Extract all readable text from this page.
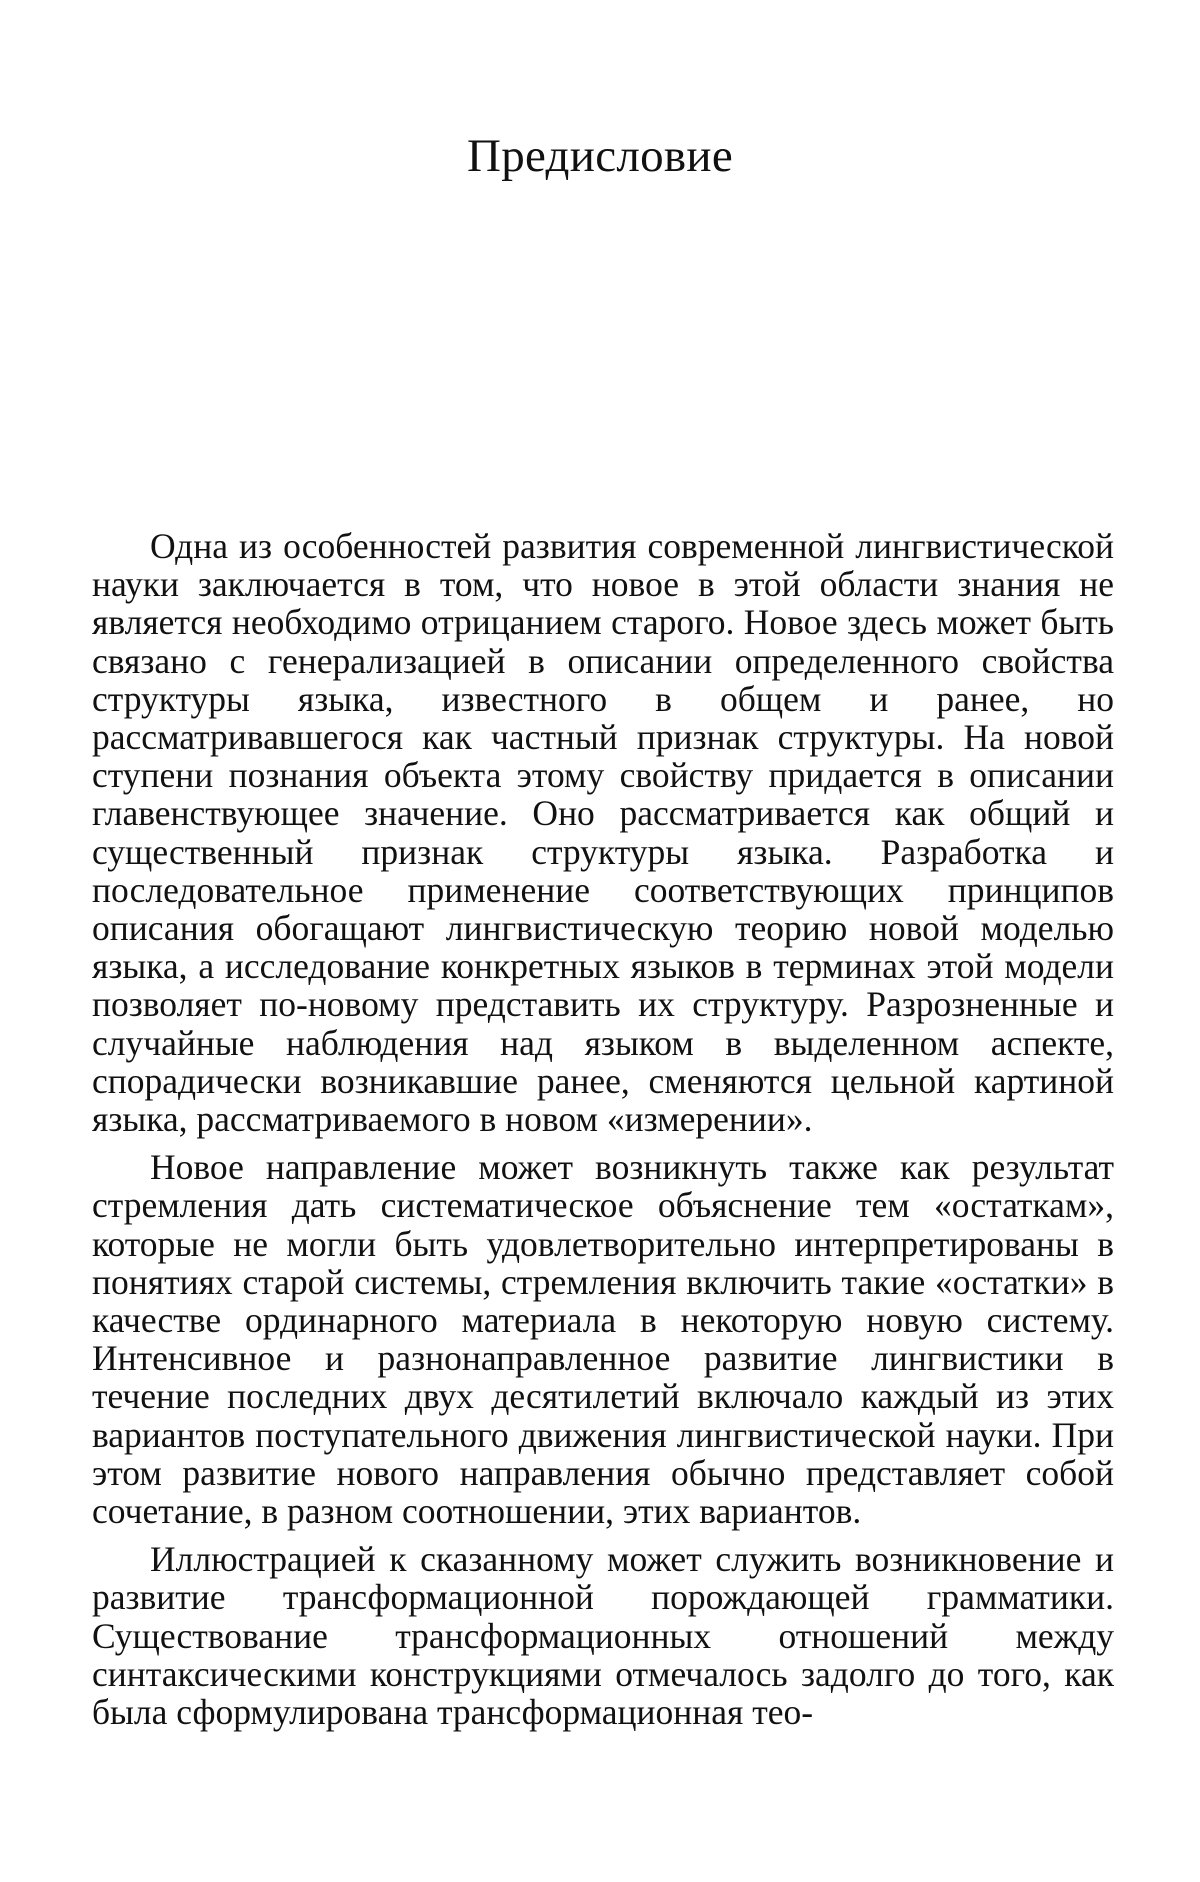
Предисловие

Одна из особенностей развития современной лингвистической науки заключается в том, что новое в этой области знания не является необходимо отрицанием старого. Новое здесь может быть связано с генерализацией в описании определенного свойства структуры языка, известного в общем и ранее, но рассматривавшегося как частный признак структуры. На новой ступени познания объекта этому свойству придается в описании главенствующее значение. Оно рассматривается как общий и существенный признак структуры языка. Разработка и последовательное применение соответствующих принципов описания обогащают лингвистическую теорию новой моделью языка, а исследование конкретных языков в терминах этой модели позволяет по-новому представить их структуру. Разрозненные и случайные наблюдения над языком в выделенном аспекте, спорадически возникавшие ранее, сменяются цельной картиной языка, рассматриваемого в новом «измерении».

Новое направление может возникнуть также как результат стремления дать систематическое объяснение тем «остаткам», которые не могли быть удовлетворительно интерпретированы в понятиях старой системы, стремления включить такие «остатки» в качестве ординарного материала в некоторую новую систему. Интенсивное и разнонаправленное развитие лингвистики в течение последних двух десятилетий включало каждый из этих вариантов поступательного движения лингвистической науки. При этом развитие нового направления обычно представляет собой сочетание, в разном соотношении, этих вариантов.

Иллюстрацией к сказанному может служить возникновение и развитие трансформационной порождающей грамматики. Существование трансформационных отношений между синтаксическими конструкциями отмечалось задолго до того, как была сформулирована трансформационная тео-
